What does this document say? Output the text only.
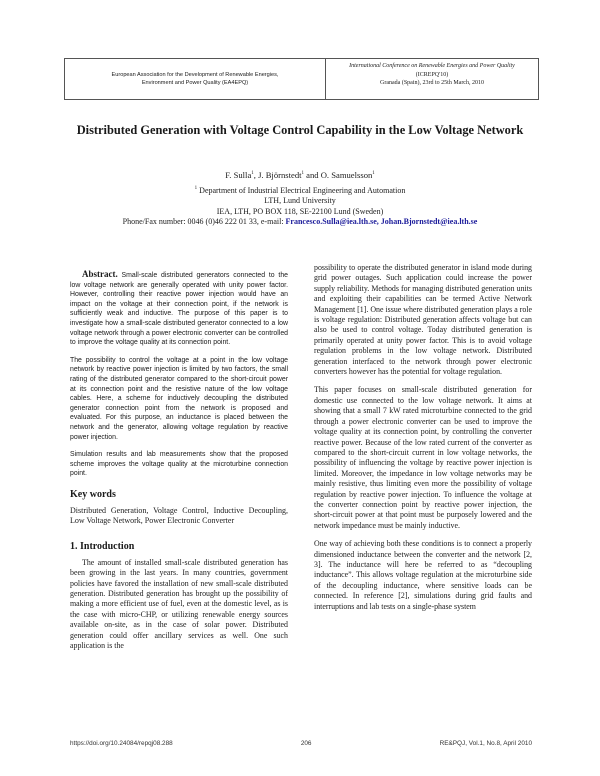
European Association for the Development of Renewable Energies,
Environment and Power Quality (EA4EPQ)
International Conference on Renewable Energies and Power Quality
(ICREPQ'10)
Granada (Spain), 23rd to 25th March, 2010
Distributed Generation with Voltage Control Capability in the Low Voltage Network
F. Sulla$^1$, J. Björnstedt$^1$ and O. Samuelsson$^1$
$^1$ Department of Industrial Electrical Engineering and Automation
LTH, Lund University
IEA, LTH, PO BOX 118, SE-22100 Lund (Sweden)
Phone/Fax number: 0046 (0)46 222 01 33, e-mail: Francesco.Sulla@iea.lth.se, Johan.Bjornstedt@iea.lth.se

Abstract. Small-scale distributed generators connected to the low voltage network are generally operated with unity power factor. However, controlling their reactive power injection would have an impact on the voltage at their connection point, if the network is sufficiently weak and inductive. The purpose of this paper is to investigate how a small-scale distributed generator connected to a low voltage network through a power electronic converter can be controlled to improve the voltage quality at its connection point.

The possibility to control the voltage at a point in the low voltage network by reactive power injection is limited by two factors, the small rating of the distributed generator compared to the short-circuit power at its connection point and the resistive nature of the low voltage cables. Here, a scheme for inductively decoupling the distributed generator connection point from the network is proposed and evaluated. For this purpose, an inductance is placed between the network and the generator, allowing voltage regulation by reactive power injection.

Simulation results and lab measurements show that the proposed scheme improves the voltage quality at the microturbine connection point.

Key words

Distributed Generation, Voltage Control, Inductive Decoupling, Low Voltage Network, Power Electronic Converter

1. Introduction

The amount of installed small-scale distributed generation has been growing in the last years. In many countries, government policies have favored the installation of new small-scale distributed generation. Distributed generation has brought up the possibility of making a more efficient use of fuel, even at the domestic level, as is the case with micro-CHP, or utilizing renewable energy sources available on-site, as in the case of solar power. Distributed generation could offer ancillary services as well. One such application is the

possibility to operate the distributed generator in island mode during grid power outages. Such application could increase the power supply reliability. Methods for managing distributed generation units and exploiting their capabilities can be termed Active Network Management [1]. One issue where distributed generation plays a role is voltage regulation: Distributed generation affects voltage but can also be used to control voltage. Today distributed generation is primarily operated at unity power factor. This is to avoid voltage regulation problems in the low voltage network. Distributed generation interfaced to the network through power electronic converters however has the potential for voltage regulation.

This paper focuses on small-scale distributed generation for domestic use connected to the low voltage network. It aims at showing that a small 7 kW rated microturbine connected to the grid through a power electronic converter can be used to improve the voltage quality at its connection point, by controlling the converter reactive power. Because of the low rated current of the converter as compared to the short-circuit current in low voltage networks, the possibility of influencing the voltage by reactive power injection is limited. Moreover, the impedance in low voltage networks may be mainly resistive, thus limiting even more the possibility of voltage regulation by reactive power injection. To influence the voltage at the converter connection point by reactive power injection, the short-circuit power at that point must be purposely lowered and the network impedance must be mainly inductive.

One way of achieving both these conditions is to connect a properly dimensioned inductance between the converter and the network [2, 3]. The inductance will here be referred to as “decoupling inductance”. This allows voltage regulation at the microturbine side of the decoupling inductance, where sensitive loads can be connected. In reference [2], simulations during grid faults and interruptions and lab tests on a single-phase system

https://doi.org/10.24084/repqj08.288	206	RE&PQJ, Vol.1, No.8, April 2010
